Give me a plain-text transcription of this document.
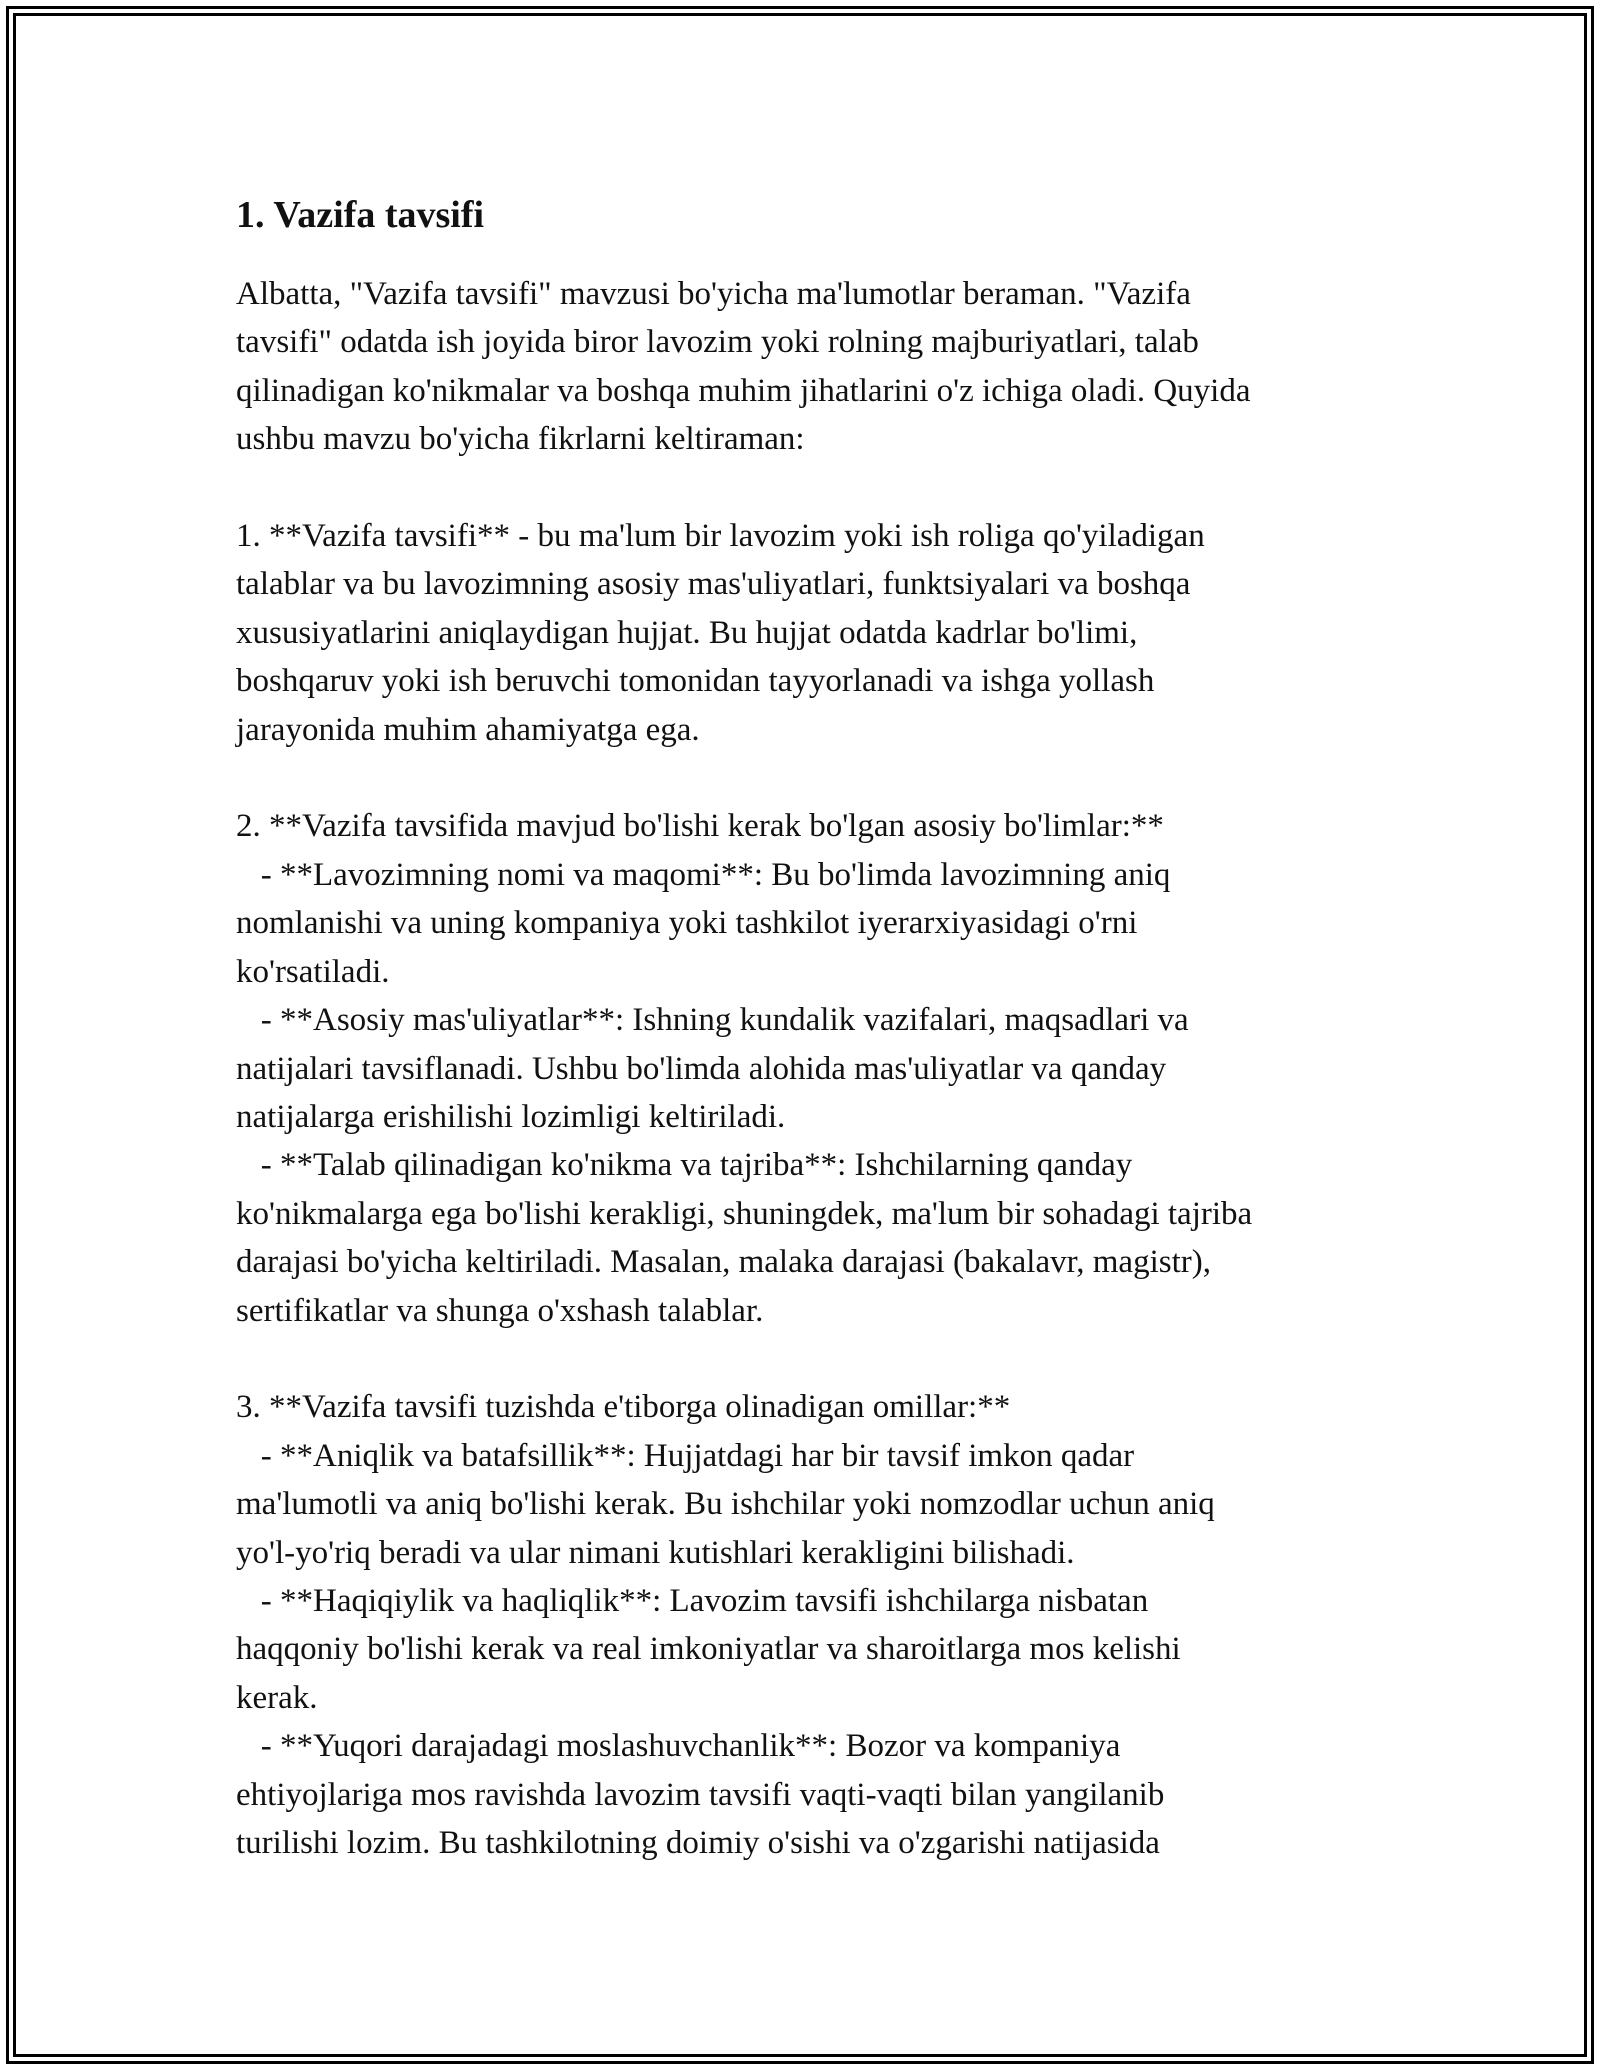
1. Vazifa tavsifi

Albatta, "Vazifa tavsifi" mavzusi bo'yicha ma'lumotlar beraman. "Vazifa
tavsifi" odatda ish joyida biror lavozim yoki rolning majburiyatlari, talab
qilinadigan ko'nikmalar va boshqa muhim jihatlarini o'z ichiga oladi. Quyida
ushbu mavzu bo'yicha fikrlarni keltiraman:

1. **Vazifa tavsifi** - bu ma'lum bir lavozim yoki ish roliga qo'yiladigan
talablar va bu lavozimning asosiy mas'uliyatlari, funktsiyalari va boshqa
xususiyatlarini aniqlaydigan hujjat. Bu hujjat odatda kadrlar bo'limi,
boshqaruv yoki ish beruvchi tomonidan tayyorlanadi va ishga yollash
jarayonida muhim ahamiyatga ega.

2. **Vazifa tavsifida mavjud bo'lishi kerak bo'lgan asosiy bo'limlar:**
- **Lavozimning nomi va maqomi**: Bu bo'limda lavozimning aniq
nomlanishi va uning kompaniya yoki tashkilot iyerarxiyasidagi o'rni
ko'rsatiladi.
- **Asosiy mas'uliyatlar**: Ishning kundalik vazifalari, maqsadlari va
natijalari tavsiflanadi. Ushbu bo'limda alohida mas'uliyatlar va qanday
natijalarga erishilishi lozimligi keltiriladi.
- **Talab qilinadigan ko'nikma va tajriba**: Ishchilarning qanday
ko'nikmalarga ega bo'lishi kerakligi, shuningdek, ma'lum bir sohadagi tajriba
darajasi bo'yicha keltiriladi. Masalan, malaka darajasi (bakalavr, magistr),
sertifikatlar va shunga o'xshash talablar.

3. **Vazifa tavsifi tuzishda e'tiborga olinadigan omillar:**
- **Aniqlik va batafsillik**: Hujjatdagi har bir tavsif imkon qadar
ma'lumotli va aniq bo'lishi kerak. Bu ishchilar yoki nomzodlar uchun aniq
yo'l-yo'riq beradi va ular nimani kutishlari kerakligini bilishadi.
- **Haqiqiylik va haqliqlik**: Lavozim tavsifi ishchilarga nisbatan
haqqoniy bo'lishi kerak va real imkoniyatlar va sharoitlarga mos kelishi
kerak.
- **Yuqori darajadagi moslashuvchanlik**: Bozor va kompaniya
ehtiyojlariga mos ravishda lavozim tavsifi vaqti-vaqti bilan yangilanib
turilishi lozim. Bu tashkilotning doimiy o'sishi va o'zgarishi natijasida
